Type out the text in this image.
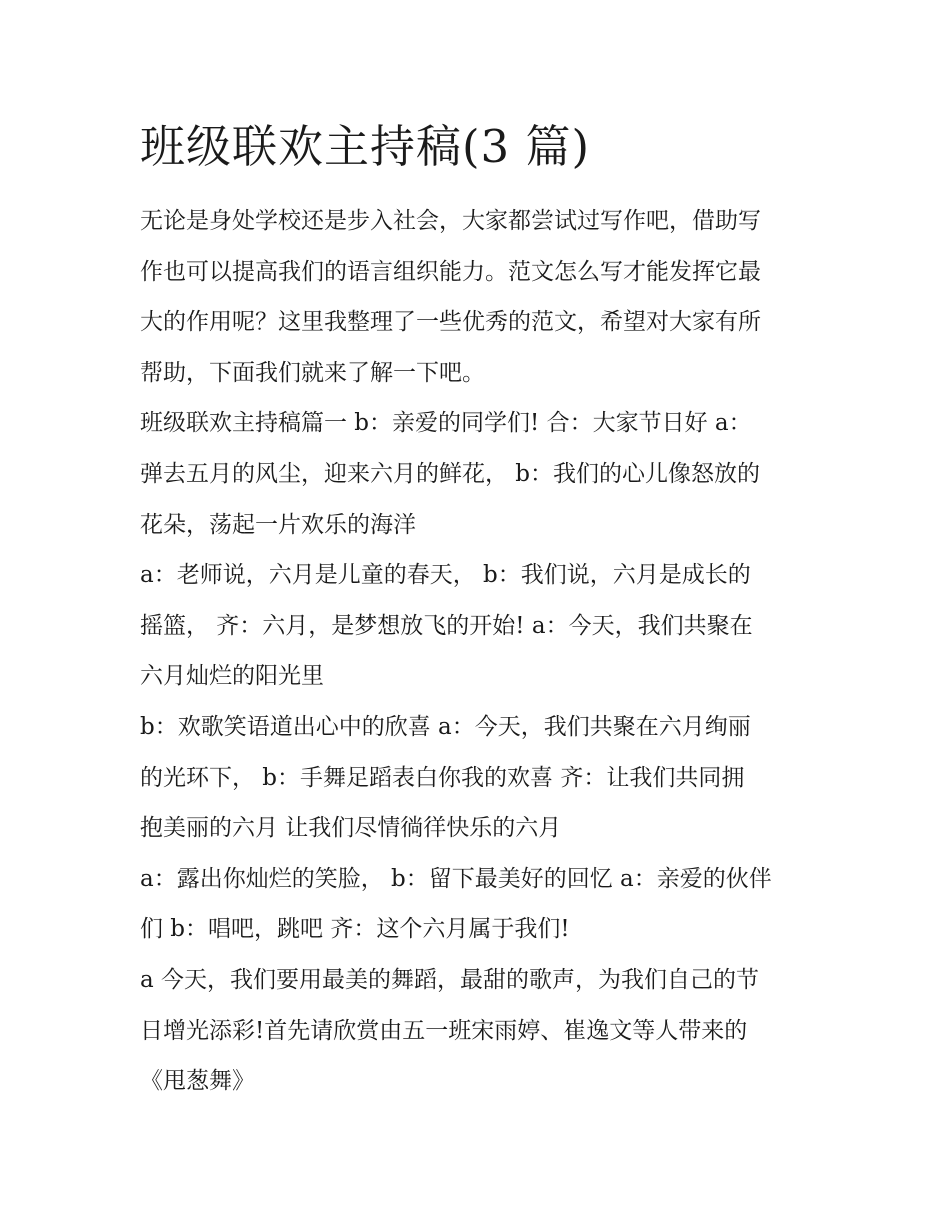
班级联欢主持稿(3 篇)

无论是身处学校还是步入社会，大家都尝试过写作吧，借助写

作也可以提高我们的语言组织能力。范文怎么写才能发挥它最

大的作用呢？这里我整理了一些优秀的范文，希望对大家有所

帮助，下面我们就来了解一下吧。

班级联欢主持稿篇一 b：亲爱的同学们! 合：大家节日好 a：

弹去五月的风尘，迎来六月的鲜花， b：我们的心儿像怒放的

花朵，荡起一片欢乐的海洋

a：老师说，六月是儿童的春天， b：我们说，六月是成长的

摇篮， 齐：六月，是梦想放飞的开始! a：今天，我们共聚在

六月灿烂的阳光里

b：欢歌笑语道出心中的欣喜 a：今天，我们共聚在六月绚丽

的光环下， b：手舞足蹈表白你我的欢喜 齐：让我们共同拥

抱美丽的六月 让我们尽情徜徉快乐的六月

a：露出你灿烂的笑脸， b：留下最美好的回忆 a：亲爱的伙伴

们 b：唱吧，跳吧 齐：这个六月属于我们!

a 今天，我们要用最美的舞蹈，最甜的歌声，为我们自己的节

日增光添彩!首先请欣赏由五一班宋雨婷、崔逸文等人带来的

《甩葱舞》
